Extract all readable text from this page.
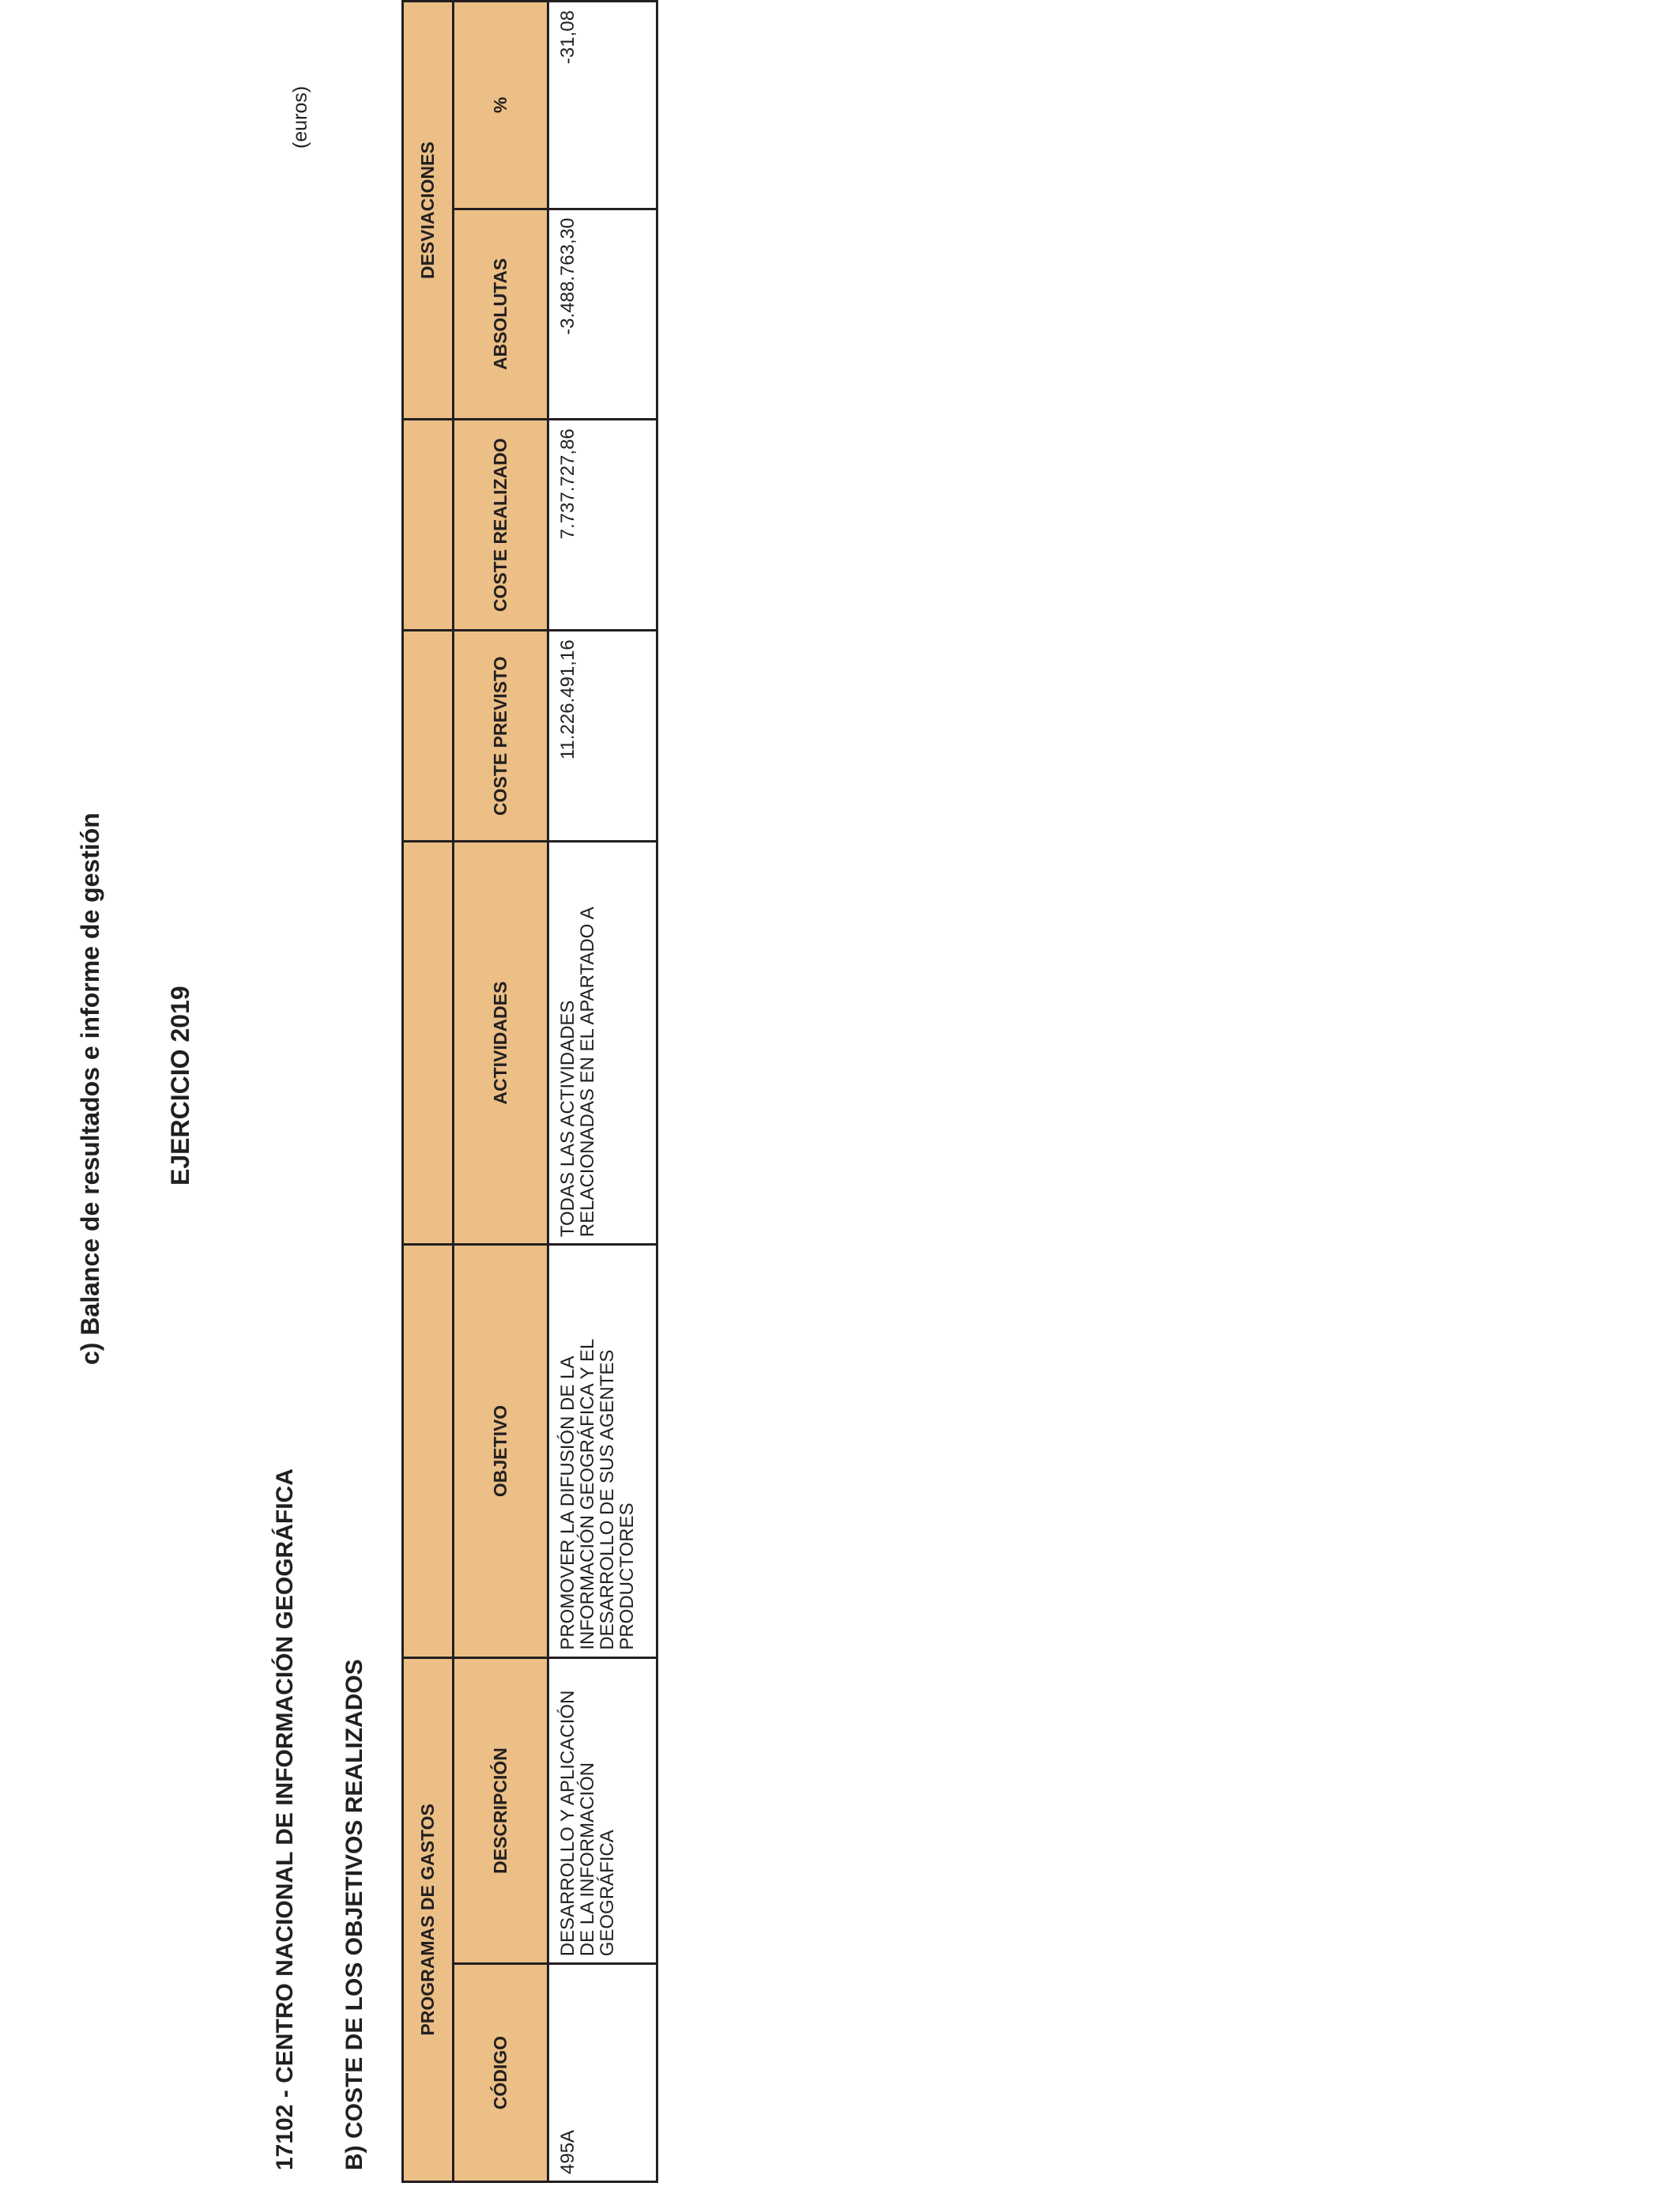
c) Balance de resultados e informe de gestión EJERCICIO 2019
17102 - CENTRO NACIONAL DE INFORMACIÓN GEOGRÁFICA B) COSTE DE LOS OBJETIVOS REALIZADOS
(euros)
PROGRAMAS DE GASTOS						DESVIACIONES	
CÓDIGO	DESCRIPCIÓN	OBJETIVO	ACTIVIDADES	COSTE PREVISTO	COSTE REALIZADO	ABSOLUTAS	%
495A	DESARROLLO Y APLICACIÓN DE LA INFORMACIÓN GEOGRÁFICA	PROMOVER LA DIFUSIÓN DE LA INFORMACIÓN GEOGRÁFICA Y EL DESARROLLO DE SUS AGENTES PRODUCTORES	TODAS LAS ACTIVIDADES RELACIONADAS EN EL APARTADO A	11.226.491,16	7.737.727,86	-3.488.763,30	-31,08
